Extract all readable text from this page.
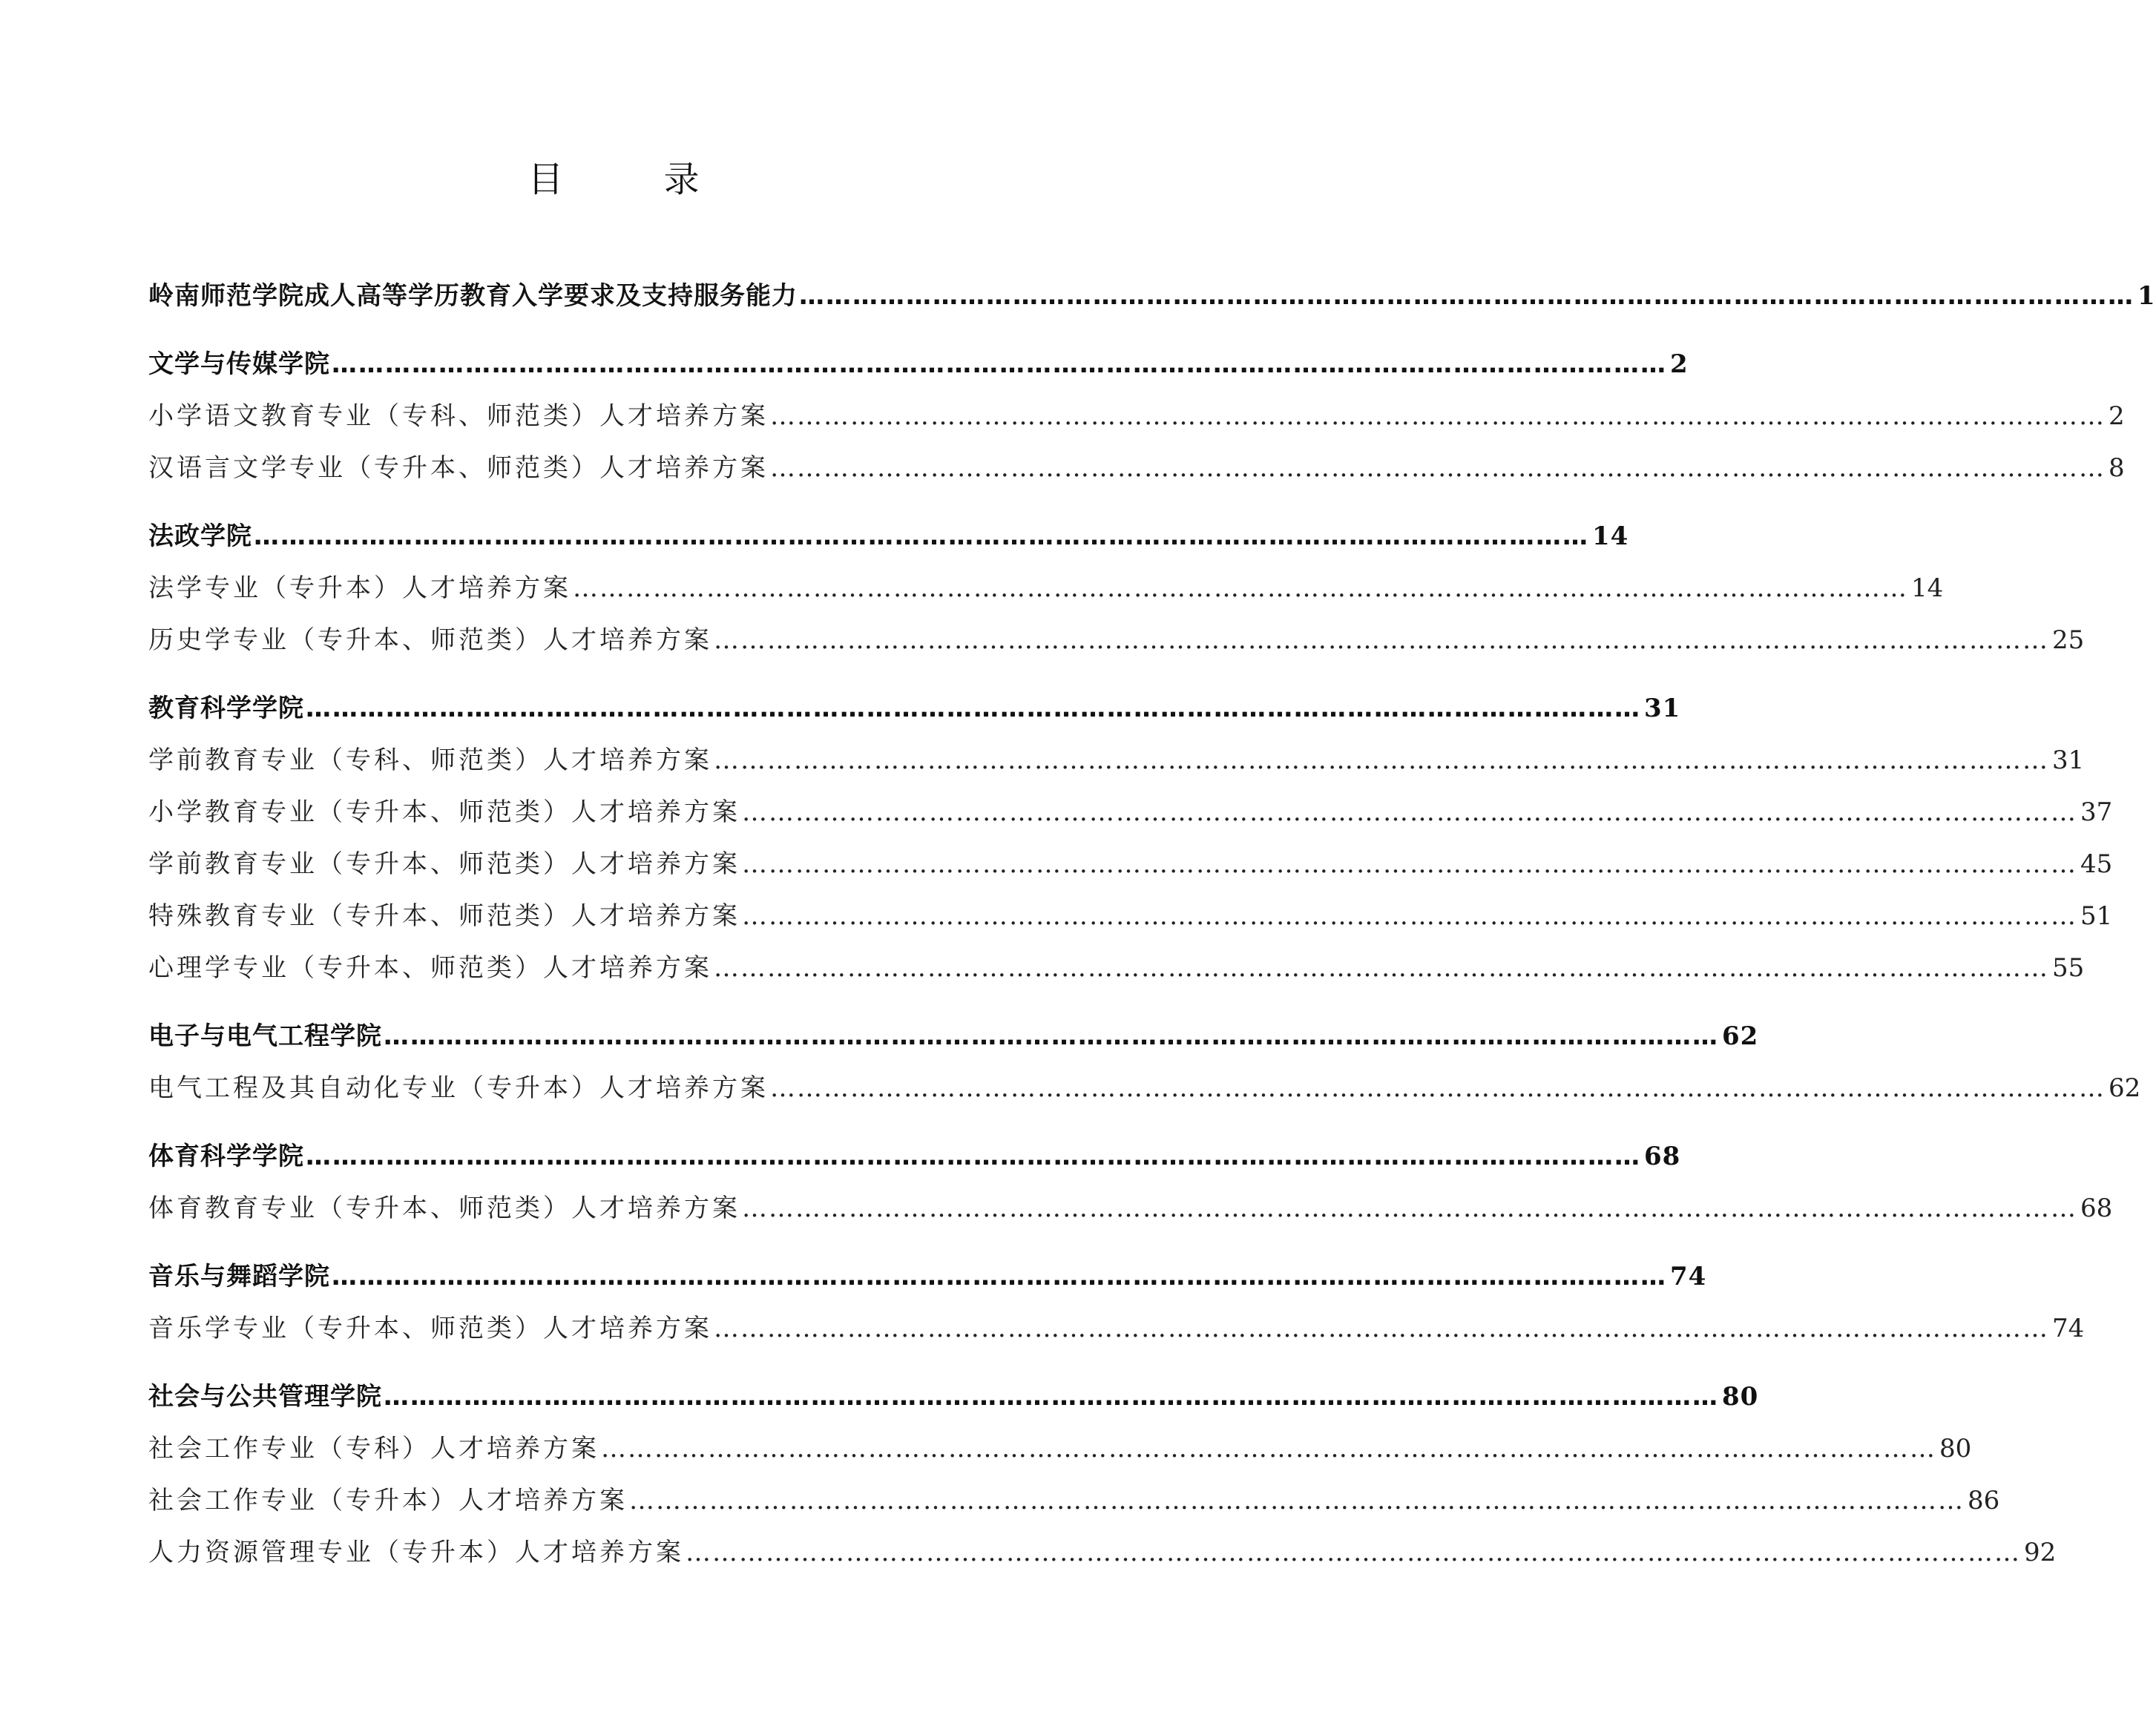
目 录
岭南师范学院成人高等学历教育入学要求及支持服务能力 …………………………………………………………………………………………………………………………………… 1
文学与传媒学院 …………………………………………………………………………………………………………………………………… 2
小学语文教育专业（专科、师范类）人才培养方案 …………………………………………………………………………………………………………………………………… 2
汉语言文学专业（专升本、师范类）人才培养方案 …………………………………………………………………………………………………………………………………… 8
法政学院 …………………………………………………………………………………………………………………………………… 14
法学专业（专升本）人才培养方案 …………………………………………………………………………………………………………………………………… 14
历史学专业（专升本、师范类）人才培养方案 …………………………………………………………………………………………………………………………………… 25
教育科学学院 …………………………………………………………………………………………………………………………………… 31
学前教育专业（专科、师范类）人才培养方案 …………………………………………………………………………………………………………………………………… 31
小学教育专业（专升本、师范类）人才培养方案 …………………………………………………………………………………………………………………………………… 37
学前教育专业（专升本、师范类）人才培养方案 …………………………………………………………………………………………………………………………………… 45
特殊教育专业（专升本、师范类）人才培养方案 …………………………………………………………………………………………………………………………………… 51
心理学专业（专升本、师范类）人才培养方案 …………………………………………………………………………………………………………………………………… 55
电子与电气工程学院 …………………………………………………………………………………………………………………………………… 62
电气工程及其自动化专业（专升本）人才培养方案 …………………………………………………………………………………………………………………………………… 62
体育科学学院 …………………………………………………………………………………………………………………………………… 68
体育教育专业（专升本、师范类）人才培养方案 …………………………………………………………………………………………………………………………………… 68
音乐与舞蹈学院 …………………………………………………………………………………………………………………………………… 74
音乐学专业（专升本、师范类）人才培养方案 …………………………………………………………………………………………………………………………………… 74
社会与公共管理学院 …………………………………………………………………………………………………………………………………… 80
社会工作专业（专科）人才培养方案 …………………………………………………………………………………………………………………………………… 80
社会工作专业（专升本）人才培养方案 …………………………………………………………………………………………………………………………………… 86
人力资源管理专业（专升本）人才培养方案 …………………………………………………………………………………………………………………………………… 92
